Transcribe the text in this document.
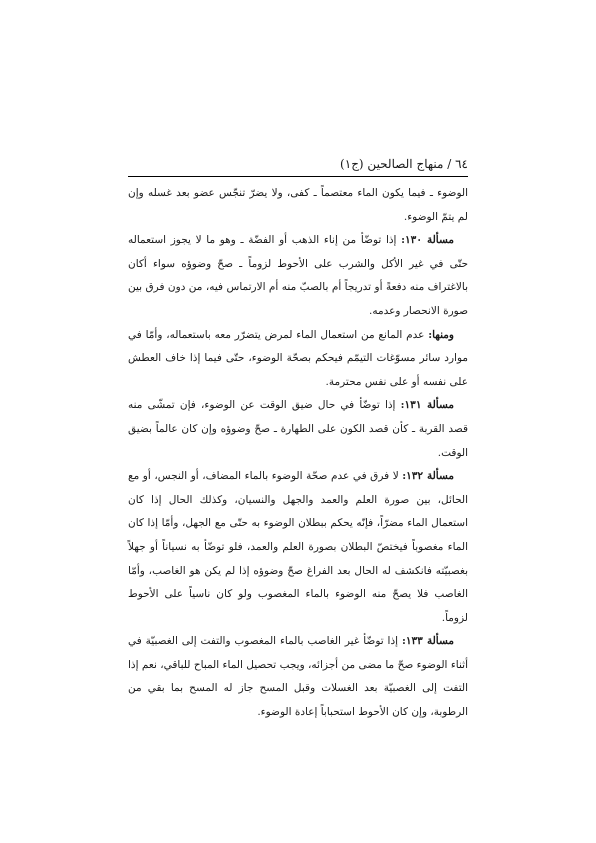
٦٤ / منهاج الصالحين (ج١)

الوضوء ـ فيما يكون الماء معتصماً ـ كفى، ولا يضرّ تنجّس عضو بعد غسله وإن لم يتمّ الوضوء.

مسألة ١٣٠: إذا توضّأ من إناء الذهب أو الفضّة ـ وهو ما لا يجوز استعماله حتّى في غير الأكل والشرب على الأحوط لزوماً ـ صحّ وضوؤه سواء أكان بالاغتراف منه دفعةً أو تدريجاً أم بالصبّ منه أم الارتماس فيه، من دون فرق بين صورة الانحصار وعدمه.

ومنها: عدم المانع من استعمال الماء لمرض يتضرّر معه باستعماله، وأمّا في موارد سائر مسوّغات التيمّم فيحكم بصحّة الوضوء، حتّى فيما إذا خاف العطش على نفسه أو على نفس محترمة.

مسألة ١٣١: إذا توضّأ في حال ضيق الوقت عن الوضوء، فإن تمشّى منه قصد القربة ـ كأن قصد الكون على الطهارة ـ صحّ وضوؤه وإن كان عالماً بضيق الوقت.

مسألة ١٣٢: لا فرق في عدم صحّة الوضوء بالماء المضاف، أو النجس، أو مع الحائل، بين صورة العلم والعمد والجهل والنسيان، وكذلك الحال إذا كان استعمال الماء مضرّاً، فإنّه يحكم ببطلان الوضوء به حتّى مع الجهل، وأمّا إذا كان الماء مغصوباً فيختصّ البطلان بصورة العلم والعمد، فلو توضّأ به نسياناً أو جهلاً بغصبيّته فانكشف له الحال بعد الفراغ صحّ وضوؤه إذا لم يكن هو الغاصب، وأمّا الغاصب فلا يصحّ منه الوضوء بالماء المغصوب ولو كان ناسياً على الأحوط لزوماً.

مسألة ١٣٣: إذا توضّأ غير الغاصب بالماء المغصوب والتفت إلى الغصبيّة في أثناء الوضوء صحّ ما مضى من أجزائه، ويجب تحصيل الماء المباح للباقي، نعم إذا التفت إلى الغصبيّة بعد الغسلات وقبل المسح جاز له المسح بما بقي من الرطوبة، وإن كان الأحوط استحباباً إعادة الوضوء.
